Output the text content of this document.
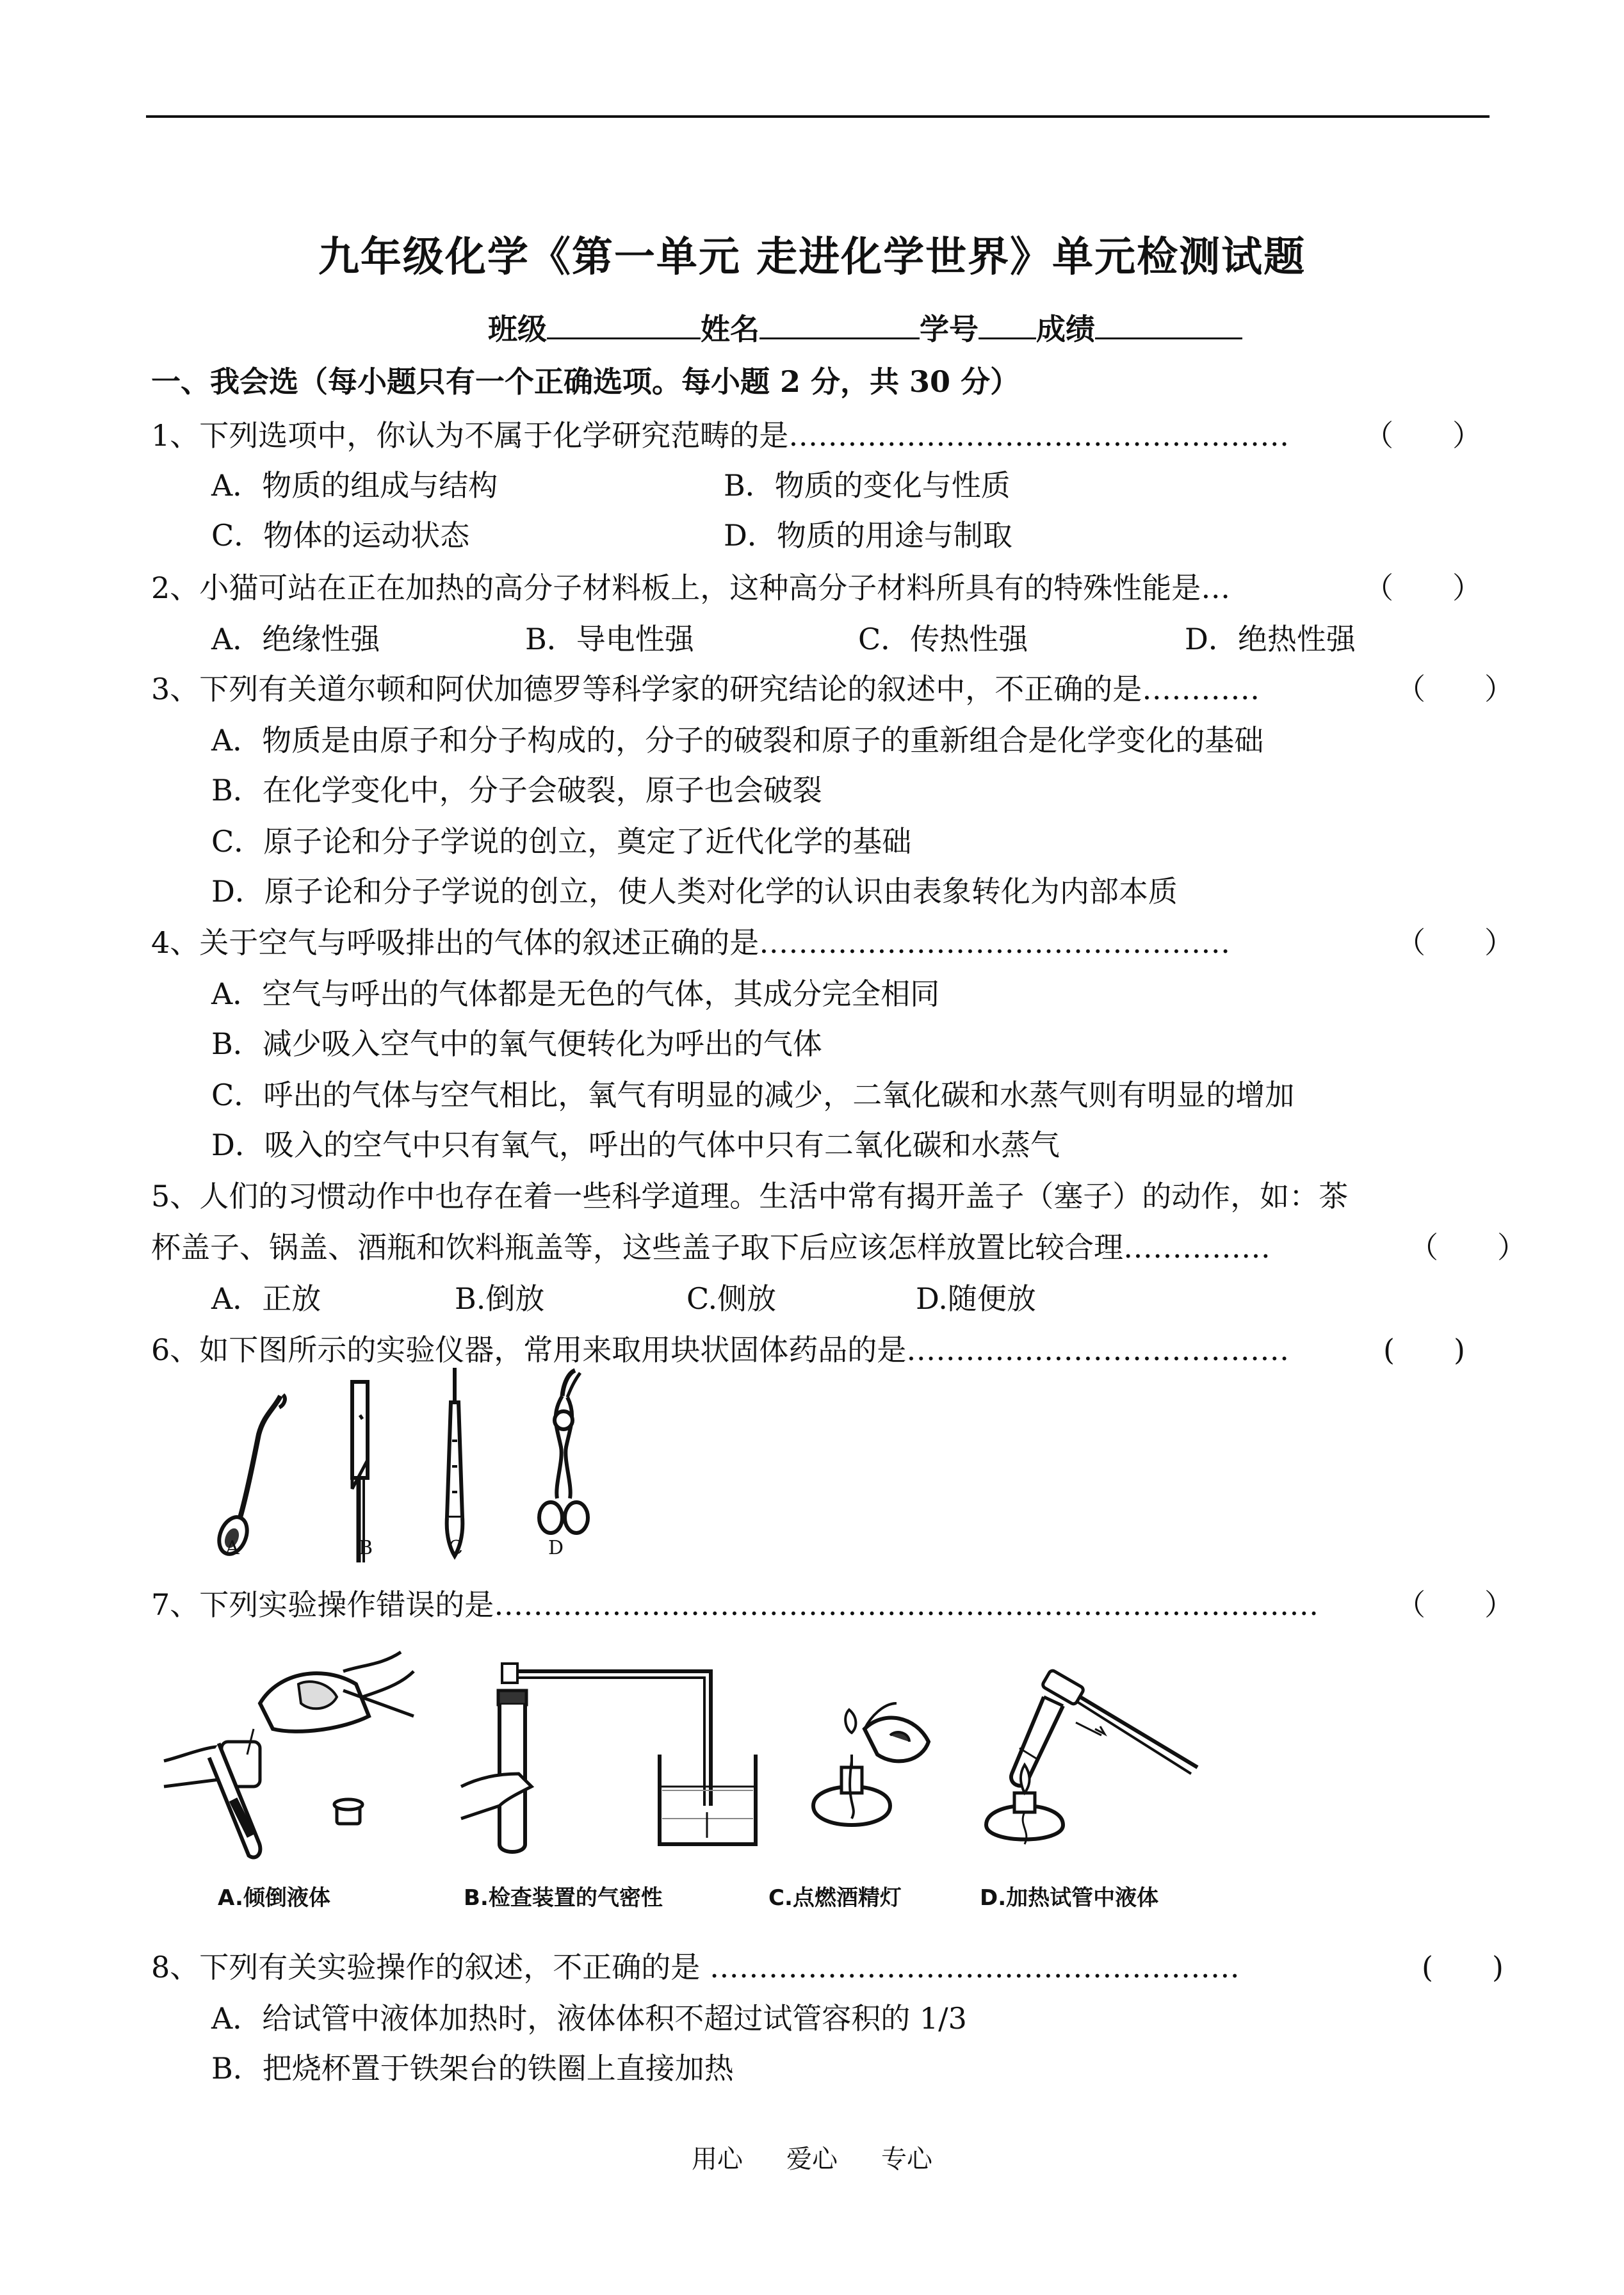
九年级化学《第一单元 走进化学世界》单元检测试题
班级	姓名	学号 成绩
一、我会选（每小题只有一个正确选项。每小题 2 分，共 30 分）
1、下列选项中，你认为不属于化学研究范畴的是……………………………………………	（　　）
A．物质的组成与结构	B．物质的变化与性质
C．物体的运动状态	D．物质的用途与制取
2、小猫可站在正在加热的高分子材料板上，这种高分子材料所具有的特殊性能是…	（　　）
A．绝缘性强	B．导电性强	C．传热性强	D．绝热性强
3、下列有关道尔顿和阿伏加德罗等科学家的研究结论的叙述中，不正确的是…………	（　　）
A．物质是由原子和分子构成的，分子的破裂和原子的重新组合是化学变化的基础
B．在化学变化中，分子会破裂，原子也会破裂
C．原子论和分子学说的创立，奠定了近代化学的基础
D．原子论和分子学说的创立，使人类对化学的认识由表象转化为内部本质
4、关于空气与呼吸排出的气体的叙述正确的是…………………………………………	（　　）
A．空气与呼出的气体都是无色的气体，其成分完全相同
B．减少吸入空气中的氧气便转化为呼出的气体
C．呼出的气体与空气相比，氧气有明显的减少，二氧化碳和水蒸气则有明显的增加
D．吸入的空气中只有氧气，呼出的气体中只有二氧化碳和水蒸气
5、人们的习惯动作中也存在着一些科学道理。生活中常有揭开盖子（塞子）的动作，如：茶
杯盖子、锅盖、酒瓶和饮料瓶盖等，这些盖子取下后应该怎样放置比较合理……………	（　　）
A．正放	B.倒放	C.侧放	D.随便放
6、如下图所示的实验仪器，常用来取用块状固体药品的是…………………………………	(　　)
A	B	C	D
7、下列实验操作错误的是…………………………………………………………………………	（　　）
A.倾倒液体	B.检查装置的气密性	C.点燃酒精灯	D.加热试管中液体
8、下列有关实验操作的叙述，不正确的是 ………………………………………………	(　　)
A．给试管中液体加热时，液体体积不超过试管容积的 1/3
B．把烧杯置于铁架台的铁圈上直接加热
用心 爱心 专心
